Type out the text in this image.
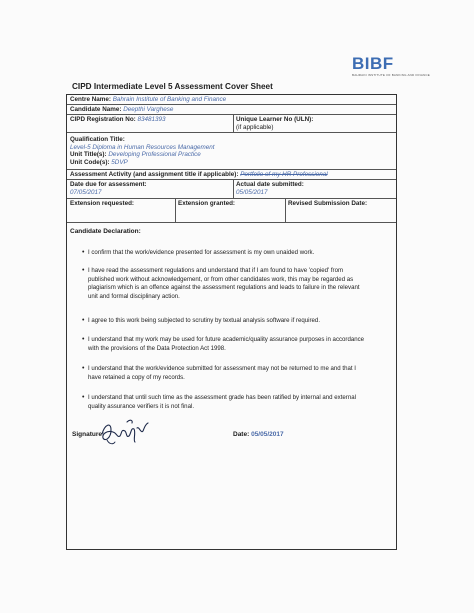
BIBF
BAHRAIN INSTITUTE OF BANKING AND FINANCE
CIPD Intermediate Level 5 Assessment Cover Sheet
Centre Name: Bahrain Institute of Banking and Finance
Candidate Name: Deepthi Varghese
CIPD Registration No: 83481393	Unique Learner No (ULN):
(if applicable)
Qualification Title:
Level-5 Diploma in Human Resources Management
Unit Title(s): Developing Professional Practice
Unit Code(s): 5DVP
Assessment Activity (and assignment title if applicable): Portfolio of my HR Professional
Date due for assessment:
07/05/2017
Actual date submitted:
05/05/2017
Extension requested:	Extension granted:	Revised Submission Date:
Candidate Declaration:
• I confirm that the work/evidence presented for assessment is my own unaided work.
• I have read the assessment regulations and understand that if I am found to have 'copied' from published work without acknowledgement, or from other candidates work, this may be regarded as plagiarism which is an offence against the assessment regulations and leads to failure in the relevant unit and formal disciplinary action.
• I agree to this work being subjected to scrutiny by textual analysis software if required.
• I understand that my work may be used for future academic/quality assurance purposes in accordance with the provisions of the Data Protection Act 1998.
• I understand that the work/evidence submitted for assessment may not be returned to me and that I have retained a copy of my records.
• I understand that until such time as the assessment grade has been ratified by internal and external quality assurance verifiers it is not final.
Signature:	Date: 05/05/2017
